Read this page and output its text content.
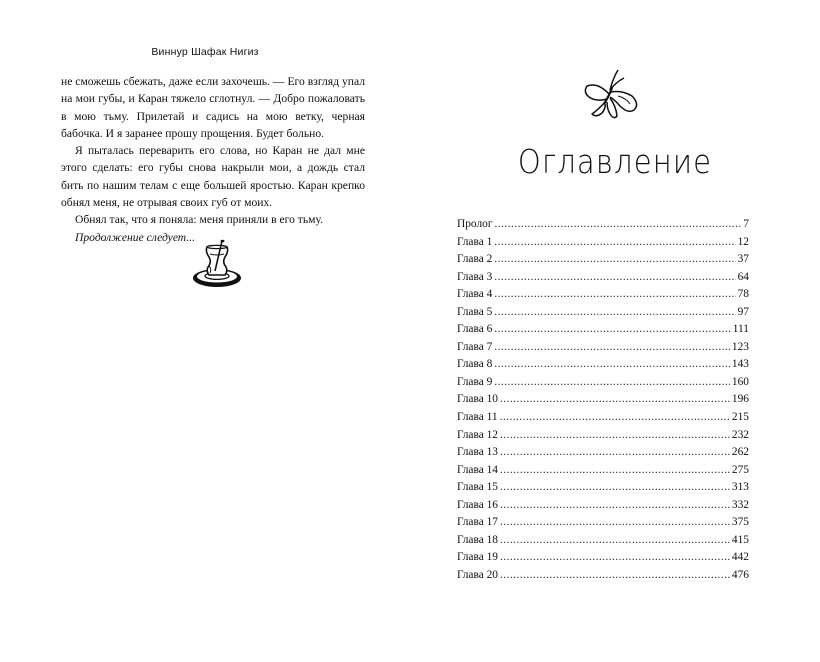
Виннур Шафак Нигиз

не сможешь сбежать, даже если захочешь. — Его взгляд упал на мои губы, и Каран тяжело сглотнул. — Добро пожаловать в мою тьму. Прилетай и садись на мою ветку, черная бабочка. И я заранее прошу прощения. Будет больно.

Я пыталась переварить его слова, но Каран не дал мне этого сделать: его губы снова накрыли мои, а дождь стал бить по нашим телам с еще большей яростью. Каран крепко обнял меня, не отрывая своих губ от моих.

Обнял так, что я поняла: меня приняли в его тьму.

Продолжение следует...

Оглавление
Пролог . . .	7
Глава 1 . . .	12
Глава 2 . . .	37
Глава 3 . . .	64
Глава 4 . . .	78
Глава 5 . . .	97
Глава 6 . . .	111
Глава 7 . . .	123
Глава 8 . . .	143
Глава 9 . . .	160
Глава 10 . . .	196
Глава 11 . . .	215
Глава 12 . . .	232
Глава 13 . . .	262
Глава 14 . . .	275
Глава 15 . . .	313
Глава 16 . . .	332
Глава 17 . . .	375
Глава 18 . . .	415
Глава 19 . . .	442
Глава 20 . . .	476
